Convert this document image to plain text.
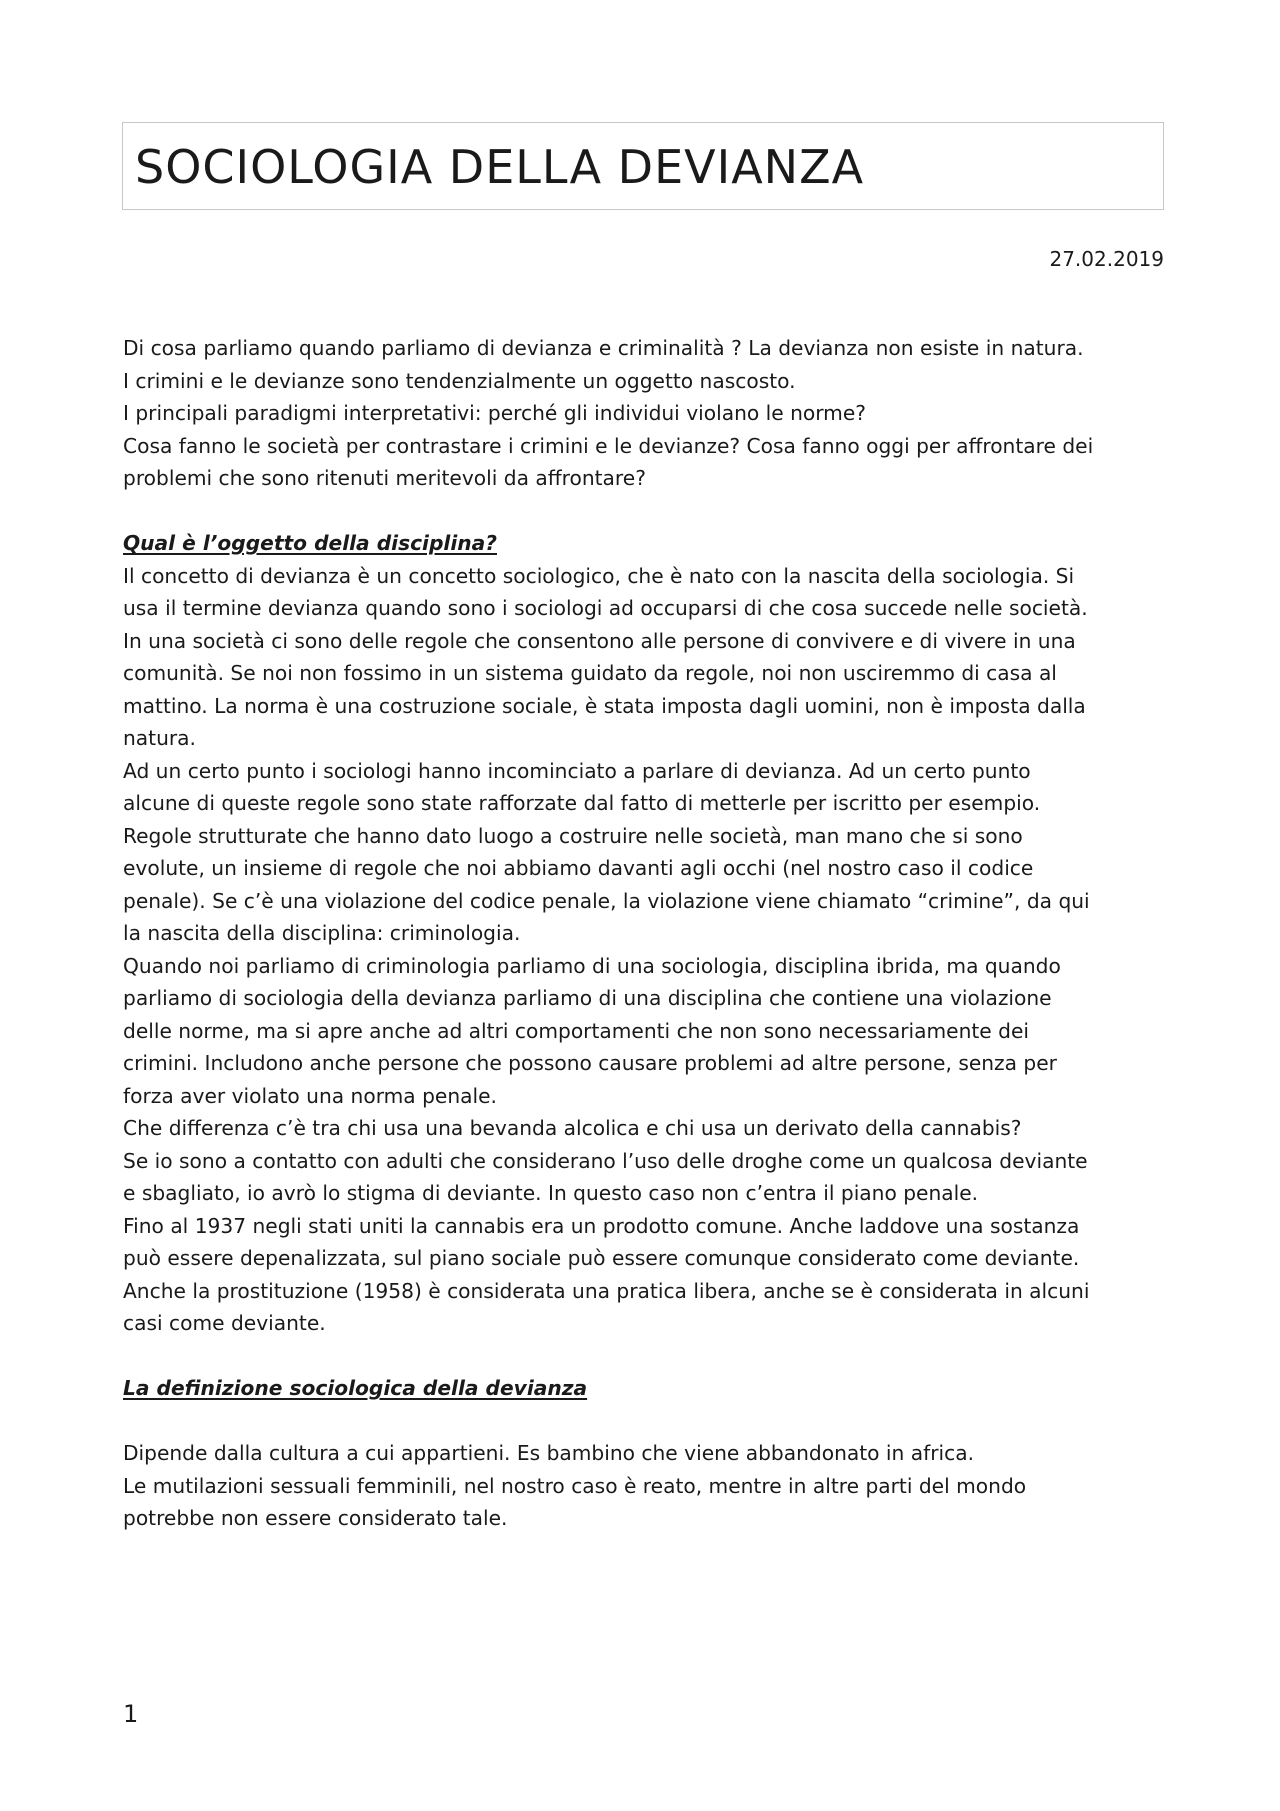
SOCIOLOGIA DELLA DEVIANZA
27.02.2019

Di cosa parliamo quando parliamo di devianza e criminalità ? La devianza non esiste in natura.
I crimini e le devianze sono tendenzialmente un oggetto nascosto.
I principali paradigmi interpretativi: perché gli individui violano le norme?
Cosa fanno le società per contrastare i crimini e le devianze? Cosa fanno oggi per affrontare dei
problemi che sono ritenuti meritevoli da affrontare?

Qual è l’oggetto della disciplina?

Il concetto di devianza è un concetto sociologico, che è nato con la nascita della sociologia. Si
usa il termine devianza quando sono i sociologi ad occuparsi di che cosa succede nelle società.
In una società ci sono delle regole che consentono alle persone di convivere e di vivere in una
comunità. Se noi non fossimo in un sistema guidato da regole, noi non usciremmo di casa al
mattino. La norma è una costruzione sociale, è stata imposta dagli uomini, non è imposta dalla
natura.
Ad un certo punto i sociologi hanno incominciato a parlare di devianza. Ad un certo punto
alcune di queste regole sono state rafforzate dal fatto di metterle per iscritto per esempio.
Regole strutturate che hanno dato luogo a costruire nelle società, man mano che si sono
evolute, un insieme di regole che noi abbiamo davanti agli occhi (nel nostro caso il codice
penale). Se c’è una violazione del codice penale, la violazione viene chiamato “crimine”, da qui
la nascita della disciplina: criminologia.
Quando noi parliamo di criminologia parliamo di una sociologia, disciplina ibrida, ma quando
parliamo di sociologia della devianza parliamo di una disciplina che contiene una violazione
delle norme, ma si apre anche ad altri comportamenti che non sono necessariamente dei
crimini. Includono anche persone che possono causare problemi ad altre persone, senza per
forza aver violato una norma penale.
Che differenza c’è tra chi usa una bevanda alcolica e chi usa un derivato della cannabis?
Se io sono a contatto con adulti che considerano l’uso delle droghe come un qualcosa deviante
e sbagliato, io avrò lo stigma di deviante. In questo caso non c’entra il piano penale.
Fino al 1937 negli stati uniti la cannabis era un prodotto comune. Anche laddove una sostanza
può essere depenalizzata, sul piano sociale può essere comunque considerato come deviante.
Anche la prostituzione (1958) è considerata una pratica libera, anche se è considerata in alcuni
casi come deviante.

La definizione sociologica della devianza

Dipende dalla cultura a cui appartieni. Es bambino che viene abbandonato in africa.
Le mutilazioni sessuali femminili, nel nostro caso è reato, mentre in altre parti del mondo
potrebbe non essere considerato tale.

1
